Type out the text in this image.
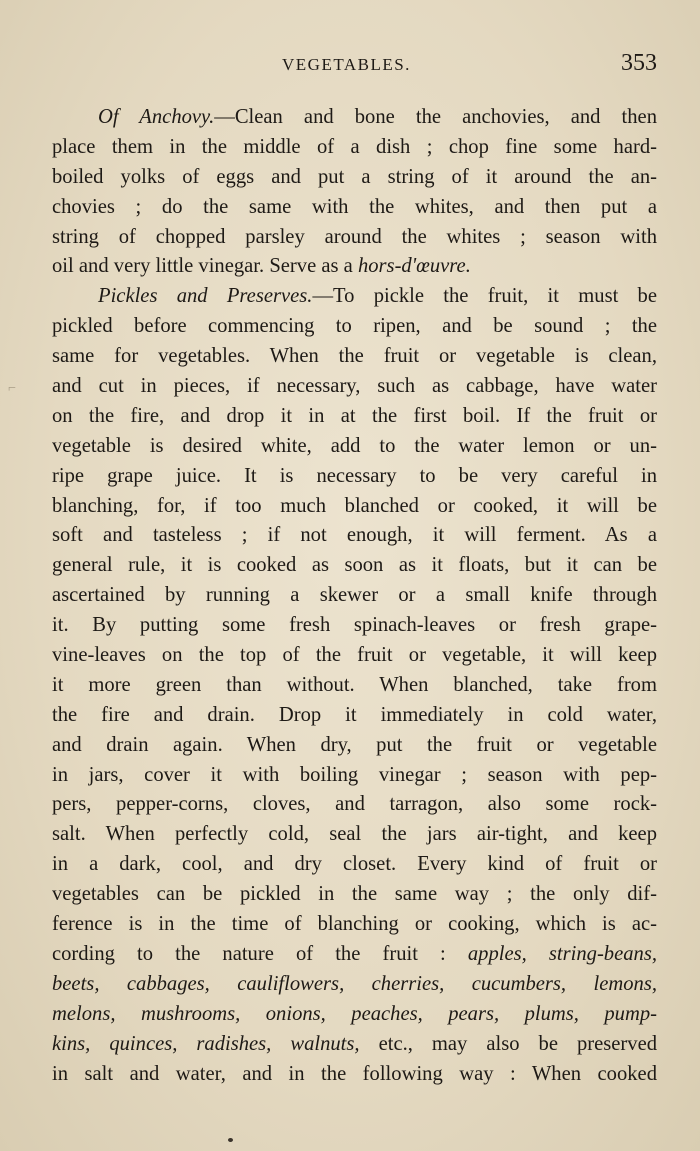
VEGETABLES.	353
⌐
Of Anchovy.—Clean and bone the anchovies, and then
place them in the middle of a dish ; chop fine some hard-
boiled yolks of eggs and put a string of it around the an-
chovies ; do the same with the whites, and then put a
string of chopped parsley around the whites ; season with
oil and very little vinegar. Serve as a hors-d'œuvre.
Pickles and Preserves.—To pickle the fruit, it must be
pickled before commencing to ripen, and be sound ; the
same for vegetables. When the fruit or vegetable is clean,
and cut in pieces, if necessary, such as cabbage, have water
on the fire, and drop it in at the first boil. If the fruit or
vegetable is desired white, add to the water lemon or un-
ripe grape juice. It is necessary to be very careful in
blanching, for, if too much blanched or cooked, it will be
soft and tasteless ; if not enough, it will ferment. As a
general rule, it is cooked as soon as it floats, but it can be
ascertained by running a skewer or a small knife through
it. By putting some fresh spinach-leaves or fresh grape-
vine-leaves on the top of the fruit or vegetable, it will keep
it more green than without. When blanched, take from
the fire and drain. Drop it immediately in cold water,
and drain again. When dry, put the fruit or vegetable
in jars, cover it with boiling vinegar ; season with pep-
pers, pepper-corns, cloves, and tarragon, also some rock-
salt. When perfectly cold, seal the jars air-tight, and keep
in a dark, cool, and dry closet. Every kind of fruit or
vegetables can be pickled in the same way ; the only dif-
ference is in the time of blanching or cooking, which is ac-
cording to the nature of the fruit : apples, string-beans,
beets, cabbages, cauliflowers, cherries, cucumbers, lemons,
melons, mushrooms, onions, peaches, pears, plums, pump-
kins, quinces, radishes, walnuts, etc., may also be preserved
in salt and water, and in the following way : When cooked
